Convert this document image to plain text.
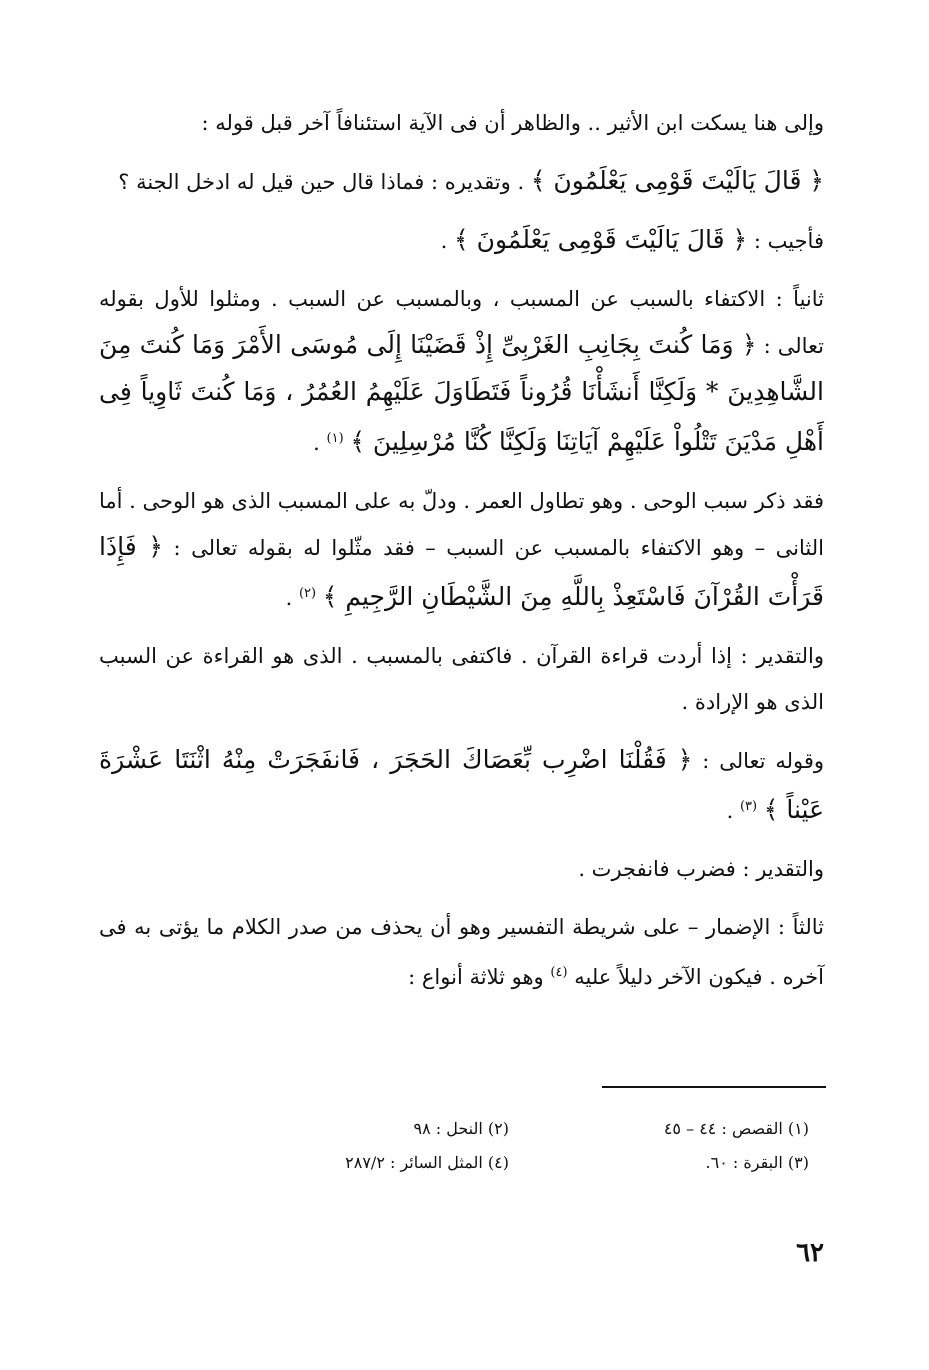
وإلى هنا يسكت ابن الأثير .. والظاهر أن فى الآية استئنافاً آخر قبل قوله :

﴿ قَالَ يَالَيْتَ قَوْمِى يَعْلَمُونَ ﴾ . وتقديره : فماذا قال حين قيل له ادخل الجنة ؟

فأجيب : ﴿ قَالَ يَالَيْتَ قَوْمِى يَعْلَمُونَ ﴾ .

ثانياً : الاكتفاء بالسبب عن المسبب ، وبالمسبب عن السبب . ومثلوا للأول بقوله تعالى : ﴿ وَمَا كُنتَ بِجَانِبِ الغَرْبِىِّ إِذْ قَضَيْنَا إِلَى مُوسَى الأَمْرَ وَمَا كُنتَ مِنَ الشَّاهِدِينَ * وَلَكِنَّا أَنشَأْنَا قُرُوناً فَتَطَاوَلَ عَلَيْهِمُ العُمُرُ ، وَمَا كُنتَ ثَاوِياً فِى أَهْلِ مَدْيَنَ تَتْلُواْ عَلَيْهِمْ آيَاتِنَا وَلَكِنَّا كُنَّا مُرْسِلِينَ ﴾ $^{(١)}$ .

فقد ذكر سبب الوحى . وهو تطاول العمر . ودلّ به على المسبب الذى هو الوحى . أما الثانى – وهو الاكتفاء بالمسبب عن السبب – فقد مثّلوا له بقوله تعالى : ﴿ فَإِذَا قَرَأْتَ القُرْآنَ فَاسْتَعِذْ بِاللَّهِ مِنَ الشَّيْطَانِ الرَّجِيمِ ﴾ $^{(٢)}$ .

والتقدير : إذا أردت قراءة القرآن . فاكتفى بالمسبب . الذى هو القراءة عن السبب الذى هو الإرادة .

وقوله تعالى : ﴿ فَقُلْنَا اضْرِب بِّعَصَاكَ الحَجَرَ ، فَانفَجَرَتْ مِنْهُ اثْنَتَا عَشْرَةَ عَيْناً ﴾ $^{(٣)}$ .

والتقدير : فضرب فانفجرت .

ثالثاً : الإضمار – على شريطة التفسير وهو أن يحذف من صدر الكلام ما يؤتى به فى آخره . فيكون الآخر دليلاً عليه $^{(٤)}$ وهو ثلاثة أنواع :

(١) القصص : ٤٤ – ٤٥
(٢) النحل : ٩٨
(٣) البقرة : ٦٠.
(٤) المثل السائر : ٢٨٧/٢
٦٢
